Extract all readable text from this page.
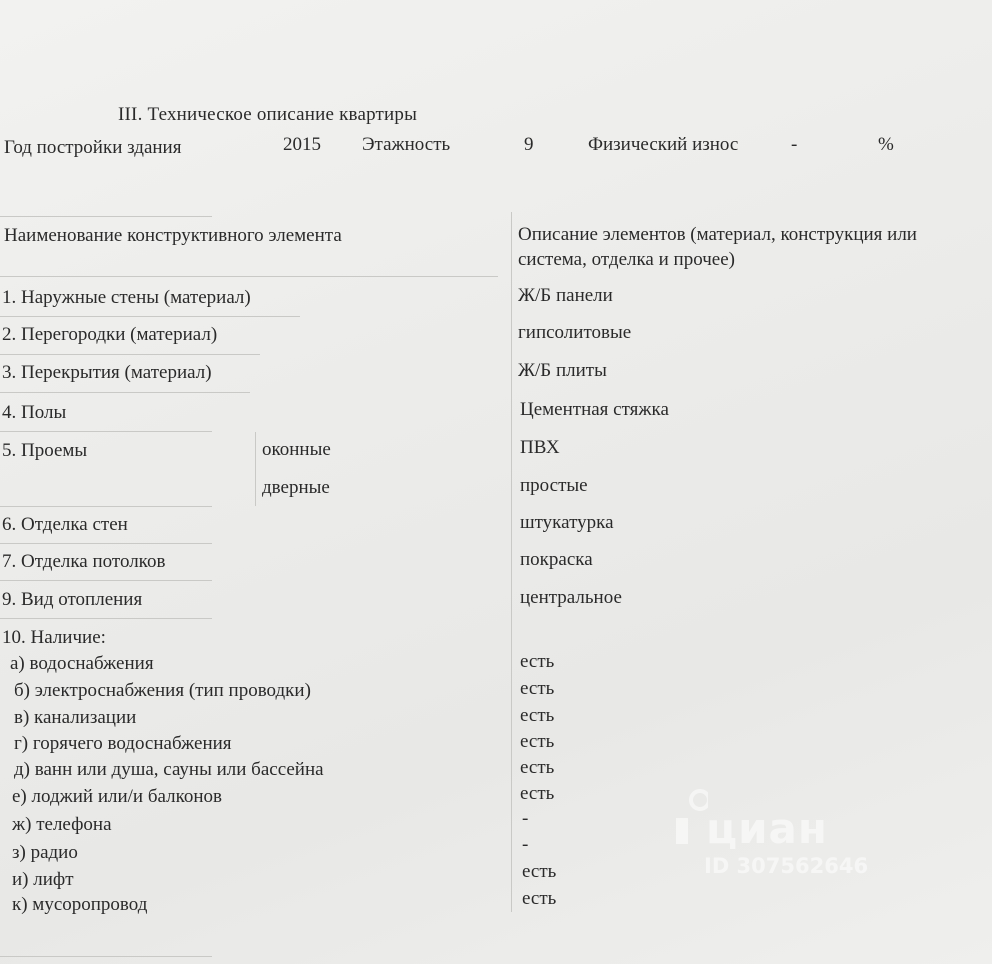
III. Техническое описание квартиры
Год постройки здания	2015 Этажность	9	Физический износ	-	%
Наименование конструктивного элемента	Описание элементов (материал, конструкция или
система, отделка и прочее)
1. Наружные стены (материал)	Ж/Б панели
2. Перегородки (материал)	гипсолитовые
3. Перекрытия (материал)	Ж/Б плиты
4. Полы	Цементная стяжка
5. Проемы	оконные	ПВХ
дверные	простые
6. Отделка стен	штукатурка
7. Отделка потолков	покраска
9. Вид отопления	центральное
10. Наличие:
а) водоснабжения	есть
б) электроснабжения (тип проводки)	есть
в) канализации	есть
г) горячего водоснабжения	есть
д) ванн или душа, сауны или бассейна	есть
е) лоджий или/и балконов	есть
ж) телефона	-
з) радио	-
и) лифт	есть
к) мусоропровод	есть
циан
ID 307562646
